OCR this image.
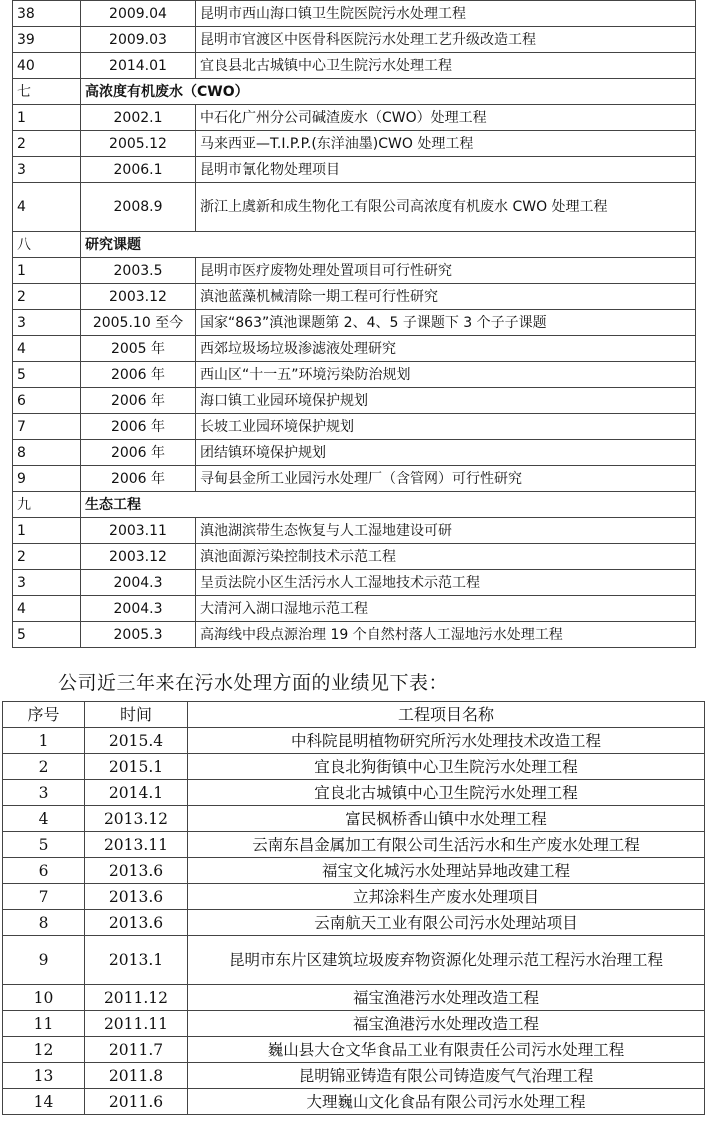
38	2009.04	昆明市西山海口镇卫生院医院污水处理工程
39	2009.03	昆明市官渡区中医骨科医院污水处理工艺升级改造工程
40	2014.01	宜良县北古城镇中心卫生院污水处理工程
七	高浓度有机废水（CWO）	
1	2002.1	中石化广州分公司碱渣废水（CWO）处理工程
2	2005.12	马来西亚—T.I.P.P.(东洋油墨)CWO 处理工程
3	2006.1	昆明市氰化物处理项目
4	2008.9	浙江上虞新和成生物化工有限公司高浓度有机废水 CWO 处理工程
八	研究课题	
1	2003.5	昆明市医疗废物处理处置项目可行性研究
2	2003.12	滇池蓝藻机械清除一期工程可行性研究
3	2005.10 至今	国家“863”滇池课题第 2、4、5 子课题下 3 个子子课题
4	2005 年	西郊垃圾场垃圾渗滤液处理研究
5	2006 年	西山区“十一五”环境污染防治规划
6	2006 年	海口镇工业园环境保护规划
7	2006 年	长坡工业园环境保护规划
8	2006 年	团结镇环境保护规划
9	2006 年	寻甸县金所工业园污水处理厂（含管网）可行性研究
九	生态工程	
1	2003.11	滇池湖滨带生态恢复与人工湿地建设可研
2	2003.12	滇池面源污染控制技术示范工程
3	2004.3	呈贡法院小区生活污水人工湿地技术示范工程
4	2004.3	大清河入湖口湿地示范工程
5	2005.3	高海线中段点源治理 19 个自然村落人工湿地污水处理工程
公司近三年来在污水处理方面的业绩见下表：
序号	时间	工程项目名称
1	2015.4	中科院昆明植物研究所污水处理技术改造工程
2	2015.1	宜良北狗街镇中心卫生院污水处理工程
3	2014.1	宜良北古城镇中心卫生院污水处理工程
4	2013.12	富民枫桥香山镇中水处理工程
5	2013.11	云南东昌金属加工有限公司生活污水和生产废水处理工程
6	2013.6	福宝文化城污水处理站异地改建工程
7	2013.6	立邦涂料生产废水处理项目
8	2013.6	云南航天工业有限公司污水处理站项目
9	2013.1	昆明市东片区建筑垃圾废弃物资源化处理示范工程污水治理工程
10	2011.12	福宝渔港污水处理改造工程
11	2011.11	福宝渔港污水处理改造工程
12	2011.7	巍山县大仓文华食品工业有限责任公司污水处理工程
13	2011.8	昆明锦亚铸造有限公司铸造废气气治理工程
14	2011.6	大理巍山文化食品有限公司污水处理工程
